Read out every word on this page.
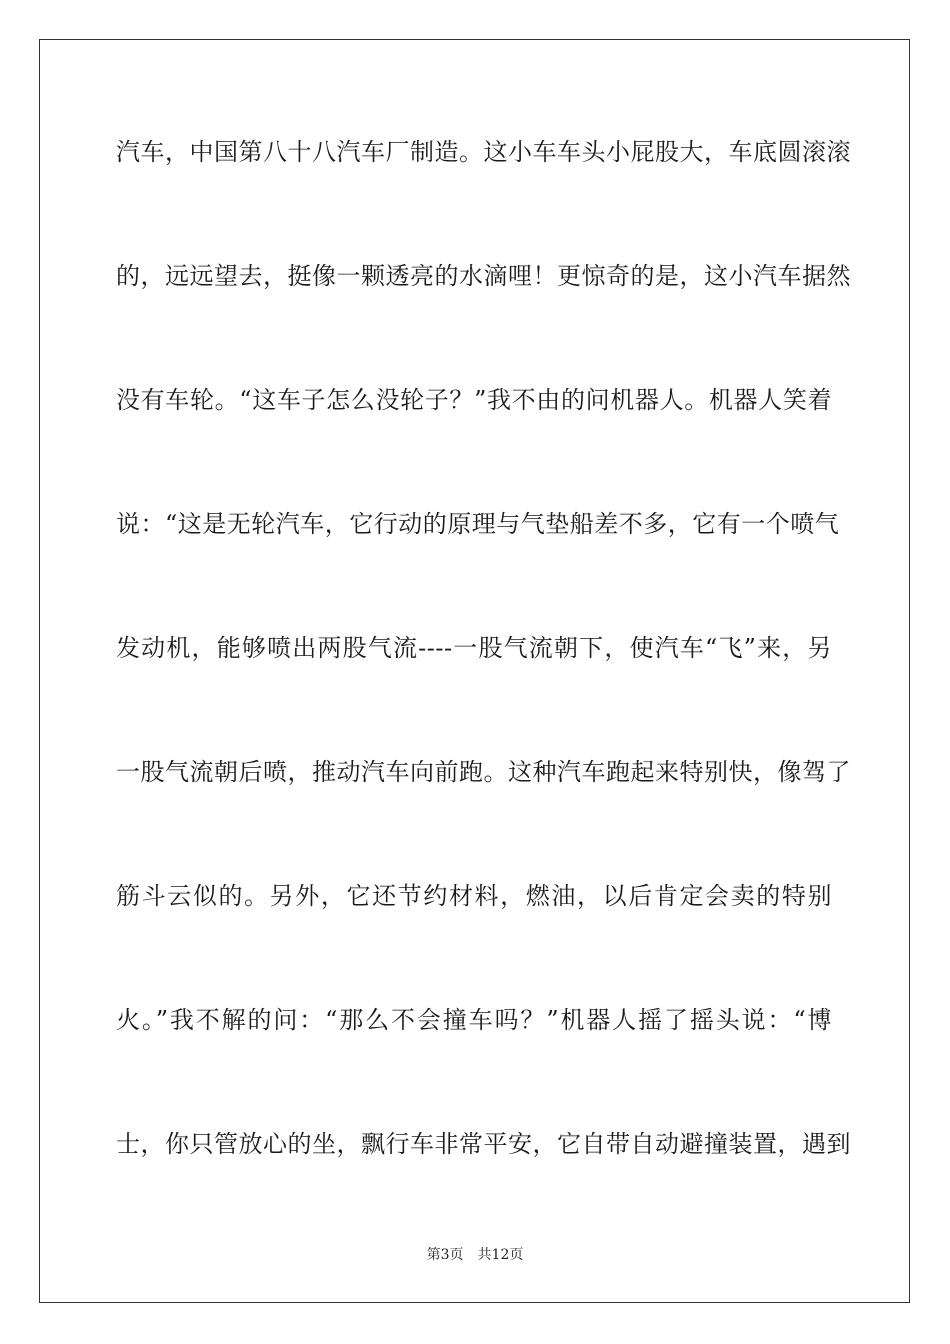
汽车，中国第八十八汽车厂制造。这小车车头小屁股大，车底圆滚滚
的，远远望去，挺像一颗透亮的水滴哩！更惊奇的是，这小汽车据然
没有车轮。“这车子怎么没轮子？”我不由的问机器人。机器人笑着
说：“这是无轮汽车，它行动的原理与气垫船差不多，它有一个喷气
发动机，能够喷出两股气流----一股气流朝下，使汽车“飞”来，另
一股气流朝后喷，推动汽车向前跑。这种汽车跑起来特别快，像驾了
筋斗云似的。另外，它还节约材料，燃油，以后肯定会卖的特别
火。”我不解的问：“那么不会撞车吗？”机器人摇了摇头说：“博
士，你只管放心的坐，飘行车非常平安，它自带自动避撞装置，遇到
第3页 共12页
